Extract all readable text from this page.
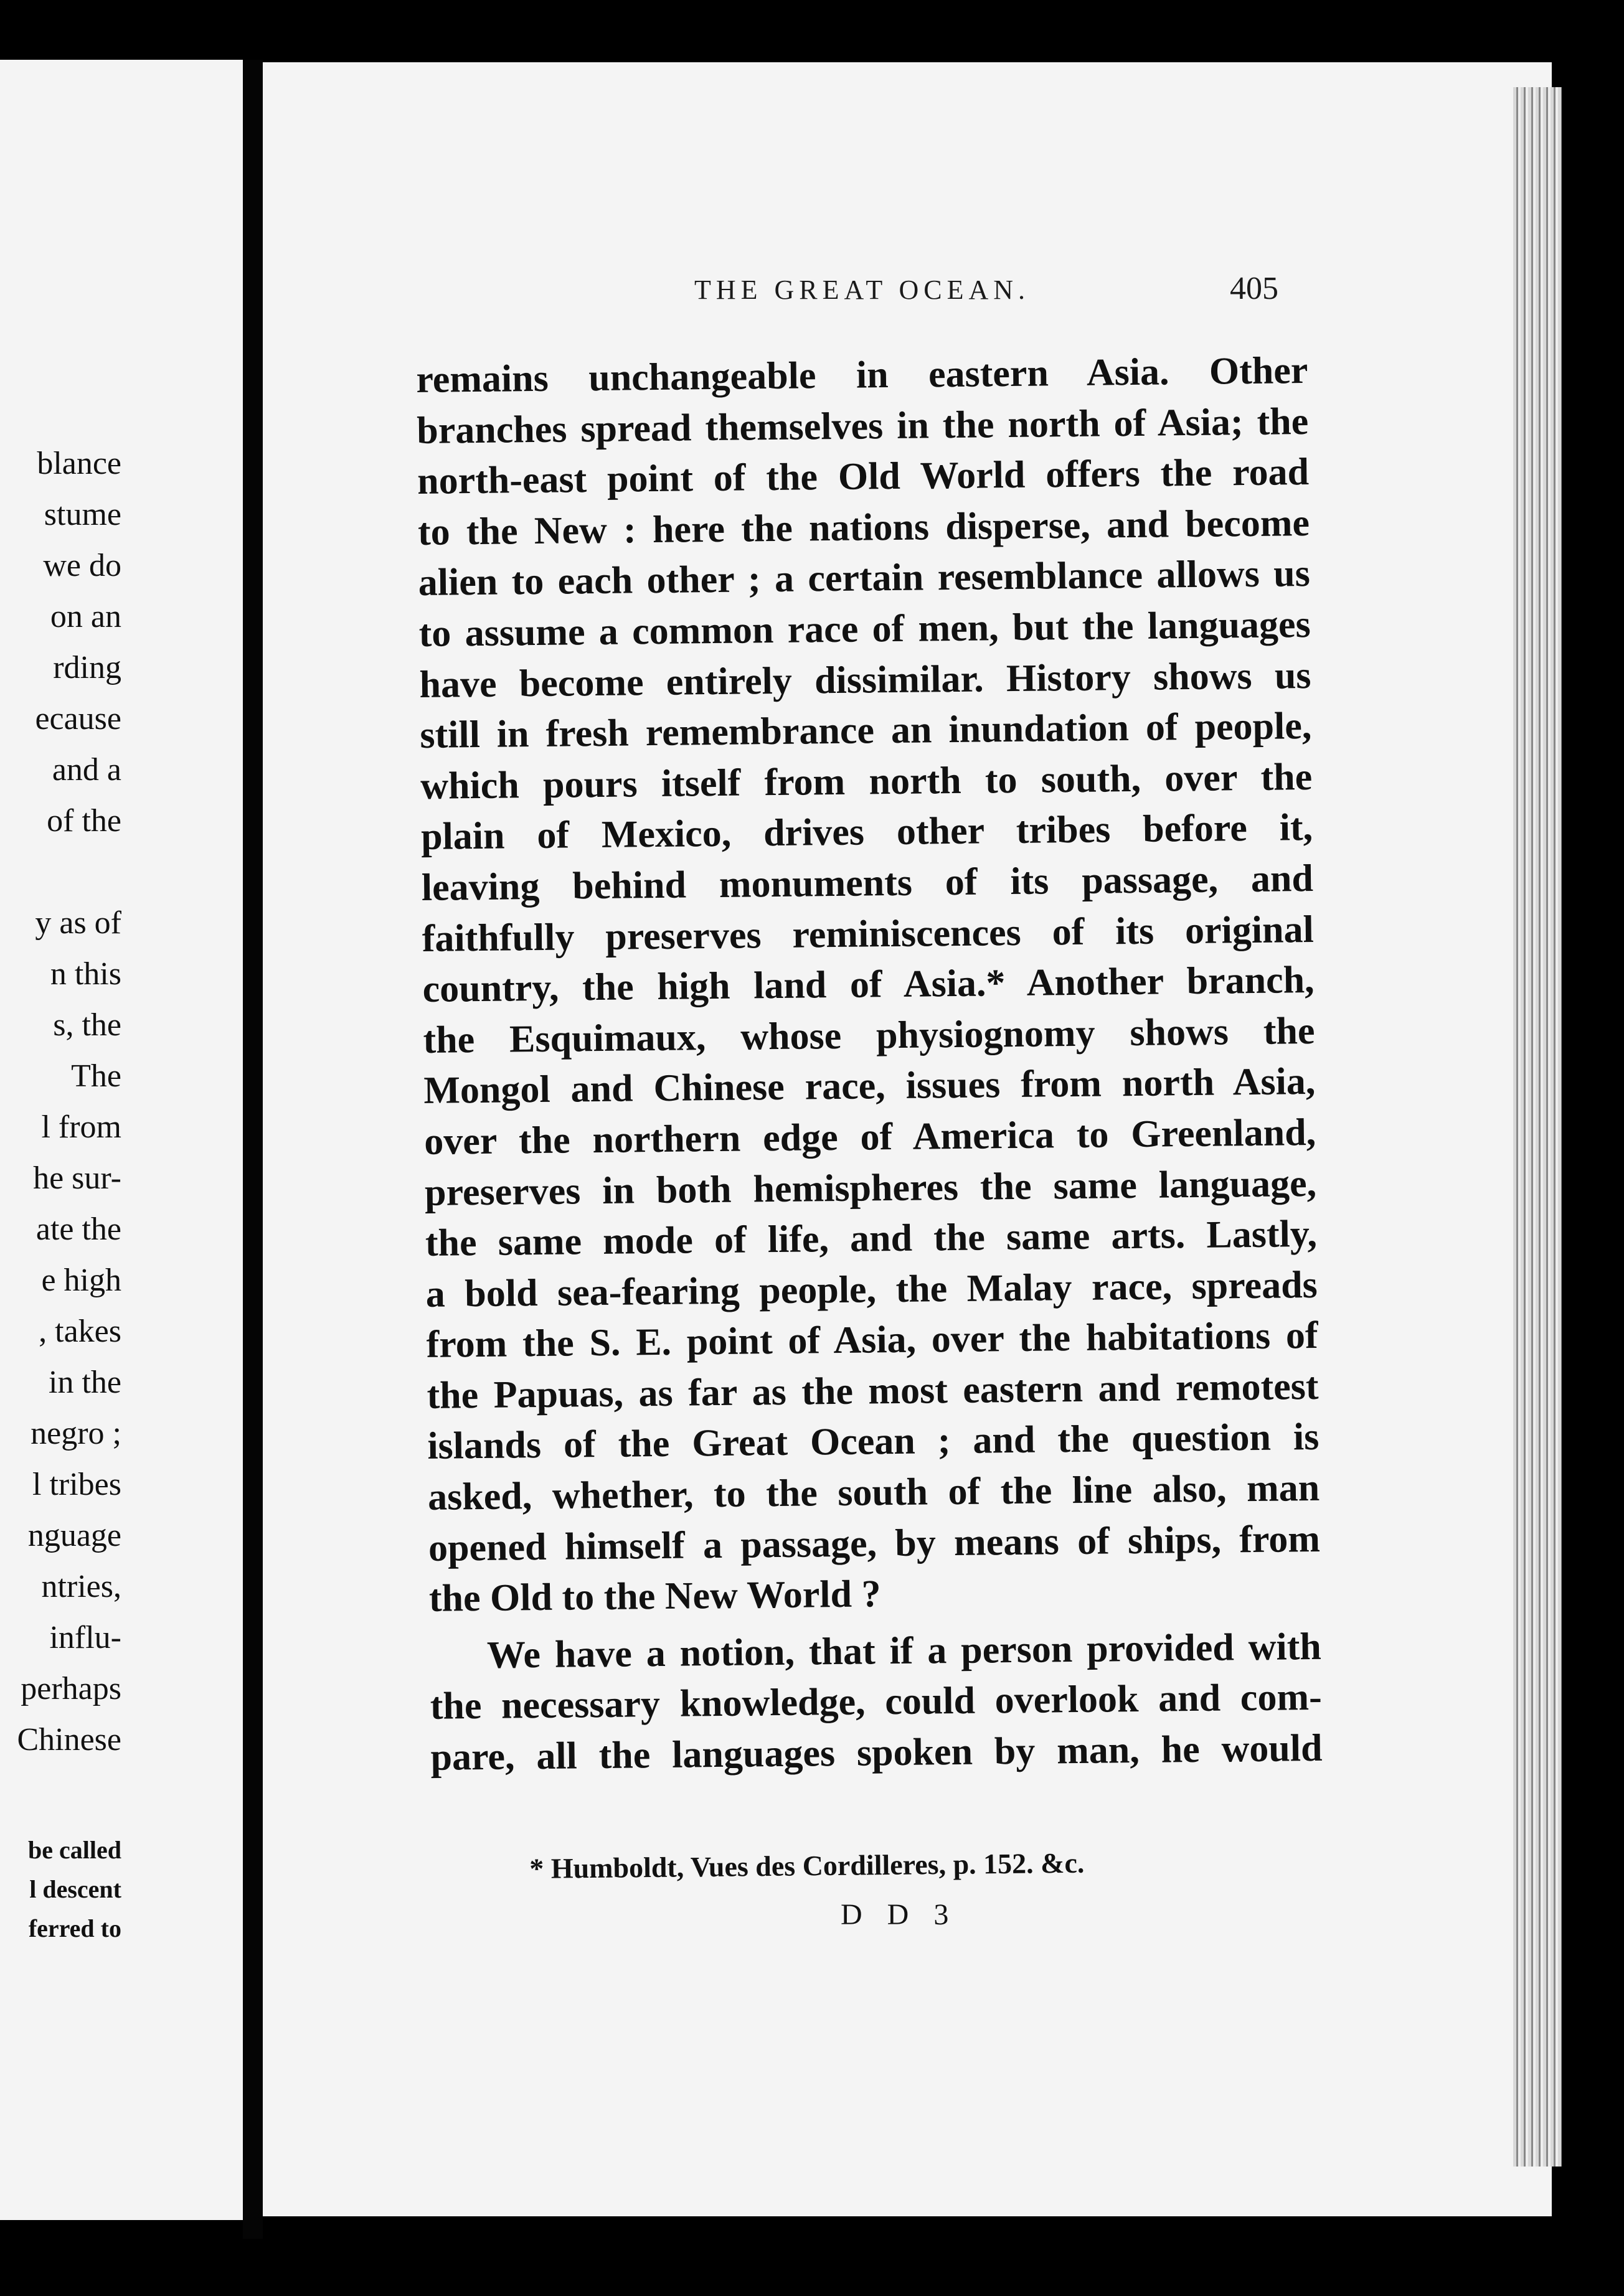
blance
stume
we do
on an
rding
ecause
and a
of the

y as of
n this
s, the
The
l from
he sur-
ate the
e high
, takes
in the
negro ;
l tribes
nguage
ntries,
influ-
perhaps
Chinese
be called
l descent
ferred to
THE GREAT OCEAN.	405
remains unchangeable in eastern Asia. Other
branches spread themselves in the north of Asia; the
north-east point of the Old World offers the road
to the New : here the nations disperse, and become
alien to each other ; a certain resemblance allows us
to assume a common race of men, but the languages
have become entirely dissimilar. History shows us
still in fresh remembrance an inundation of people,
which pours itself from north to south, over the
plain of Mexico, drives other tribes before it,
leaving behind monuments of its passage, and
faithfully preserves reminiscences of its original
country, the high land of Asia.* Another branch,
the Esquimaux, whose physiognomy shows the
Mongol and Chinese race, issues from north Asia,
over the northern edge of America to Greenland,
preserves in both hemispheres the same language,
the same mode of life, and the same arts. Lastly,
a bold sea-fearing people, the Malay race, spreads
from the S. E. point of Asia, over the habitations of
the Papuas, as far as the most eastern and remotest
islands of the Great Ocean ; and the question is
asked, whether, to the south of the line also, man
opened himself a passage, by means of ships, from
the Old to the New World ?
We have a notion, that if a person provided with
the necessary knowledge, could overlook and com-
pare, all the languages spoken by man, he would
* Humboldt, Vues des Cordilleres, p. 152. &c.
D D 3
